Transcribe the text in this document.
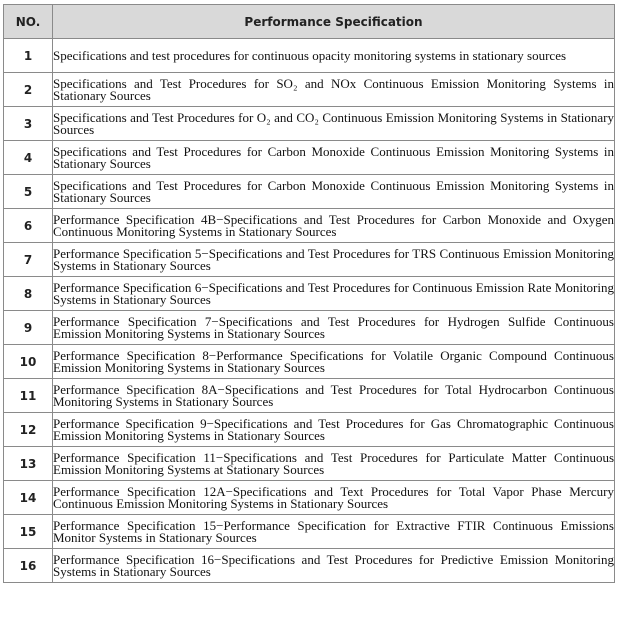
NO.	Performance Specification
1	Specifications and test procedures for continuous opacity monitoring systems in stationary sources

2	Specifications and Test Procedures for SO₂ and NOx Continuous Emission Monitoring Systems in Stationary Sources

3	Specifications and Test Procedures for O₂ and CO₂ Continuous Emission Monitoring Systems in Stationary Sources

4	Specifications and Test Procedures for Carbon Monoxide Continuous Emission Monitoring Systems in Stationary Sources

5	Specifications and Test Procedures for Carbon Monoxide Continuous Emission Monitoring Systems in Stationary Sources

6	Performance Specification 4B−Specifications and Test Procedures for Carbon Monoxide and Oxygen Continuous Monitoring Systems in Stationary Sources

7	Performance Specification 5−Specifications and Test Procedures for TRS Continuous Emission Monitoring Systems in Stationary Sources

8	Performance Specification 6−Specifications and Test Procedures for Continuous Emission Rate Monitoring Systems in Stationary Sources

9	Performance Specification 7−Specifications and Test Procedures for Hydrogen Sulfide Continuous Emission Monitoring Systems in Stationary Sources

10	Performance Specification 8−Performance Specifications for Volatile Organic Compound Continuous Emission Monitoring Systems in Stationary Sources

11	Performance Specification 8A−Specifications and Test Procedures for Total Hydrocarbon Continuous Monitoring Systems in Stationary Sources

12	Performance Specification 9−Specifications and Test Procedures for Gas Chromatographic Continuous Emission Monitoring Systems in Stationary Sources

13	Performance Specification 11−Specifications and Test Procedures for Particulate Matter Continuous Emission Monitoring Systems at Stationary Sources

14	Performance Specification 12A−Specifications and Text Procedures for Total Vapor Phase Mercury Continuous Emission Monitoring Systems in Stationary Sources

15	Performance Specification 15−Performance Specification for Extractive FTIR Continuous Emissions Monitor Systems in Stationary Sources

16	Performance Specification 16−Specifications and Test Procedures for Predictive Emission Monitoring Systems in Stationary Sources
